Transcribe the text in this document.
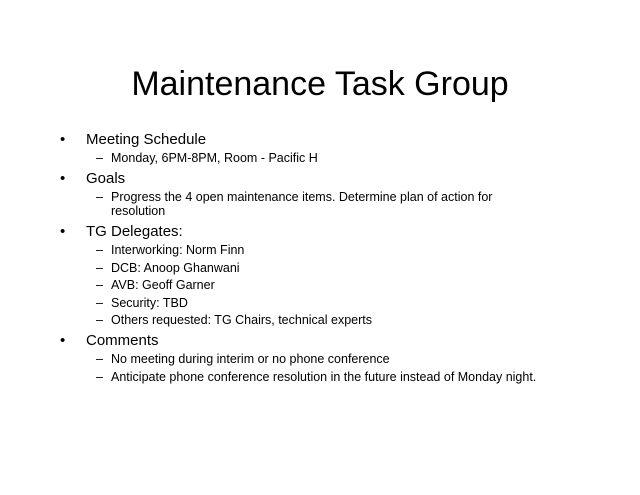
Maintenance Task Group
• Meeting Schedule
– Monday, 6PM-8PM, Room - Pacific H
• Goals
– Progress the 4 open maintenance items. Determine plan of action for resolution
• TG Delegates:
– Interworking: Norm Finn
– DCB: Anoop Ghanwani
– AVB: Geoff Garner
– Security: TBD
– Others requested: TG Chairs, technical experts
• Comments
– No meeting during interim or no phone conference
– Anticipate phone conference resolution in the future instead of Monday night.
